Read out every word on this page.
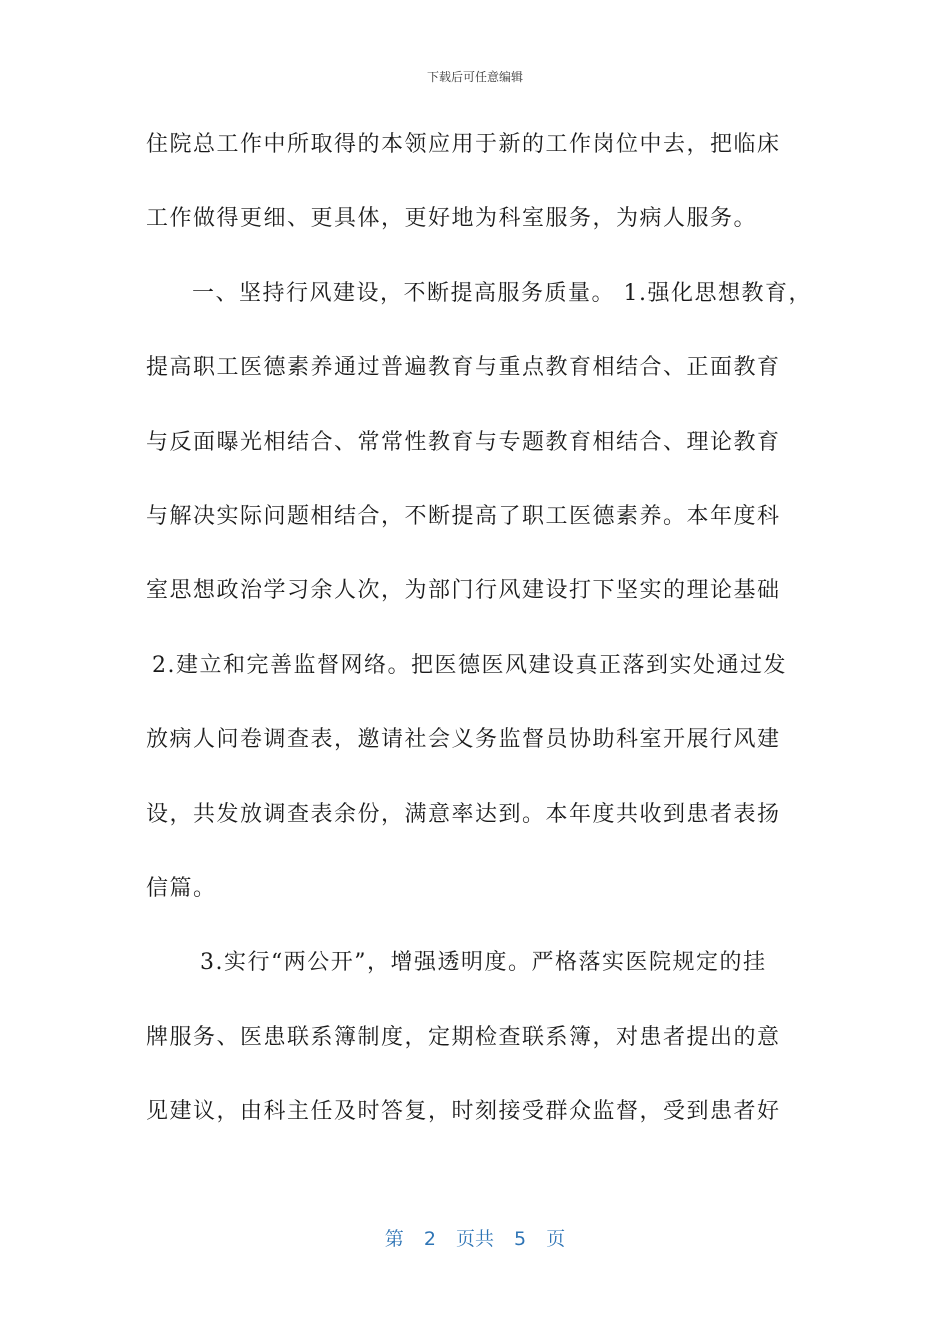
下载后可任意编辑
住院总工作中所取得的本领应用于新的工作岗位中去，把临床
工作做得更细、更具体，更好地为科室服务，为病人服务。
一、坚持行风建设，不断提高服务质量。 1.强化思想教育，
提高职工医德素养通过普遍教育与重点教育相结合、正面教育
与反面曝光相结合、常常性教育与专题教育相结合、理论教育
与解决实际问题相结合，不断提高了职工医德素养。本年度科
室思想政治学习余人次，为部门行风建设打下坚实的理论基础
2.建立和完善监督网络。把医德医风建设真正落到实处通过发
放病人问卷调查表，邀请社会义务监督员协助科室开展行风建
设，共发放调查表余份，满意率达到。本年度共收到患者表扬
信篇。
3.实行“两公开”，增强透明度。严格落实医院规定的挂
牌服务、医患联系簿制度，定期检查联系簿，对患者提出的意
见建议，由科主任及时答复，时刻接受群众监督，受到患者好
第 2 页共 5 页
